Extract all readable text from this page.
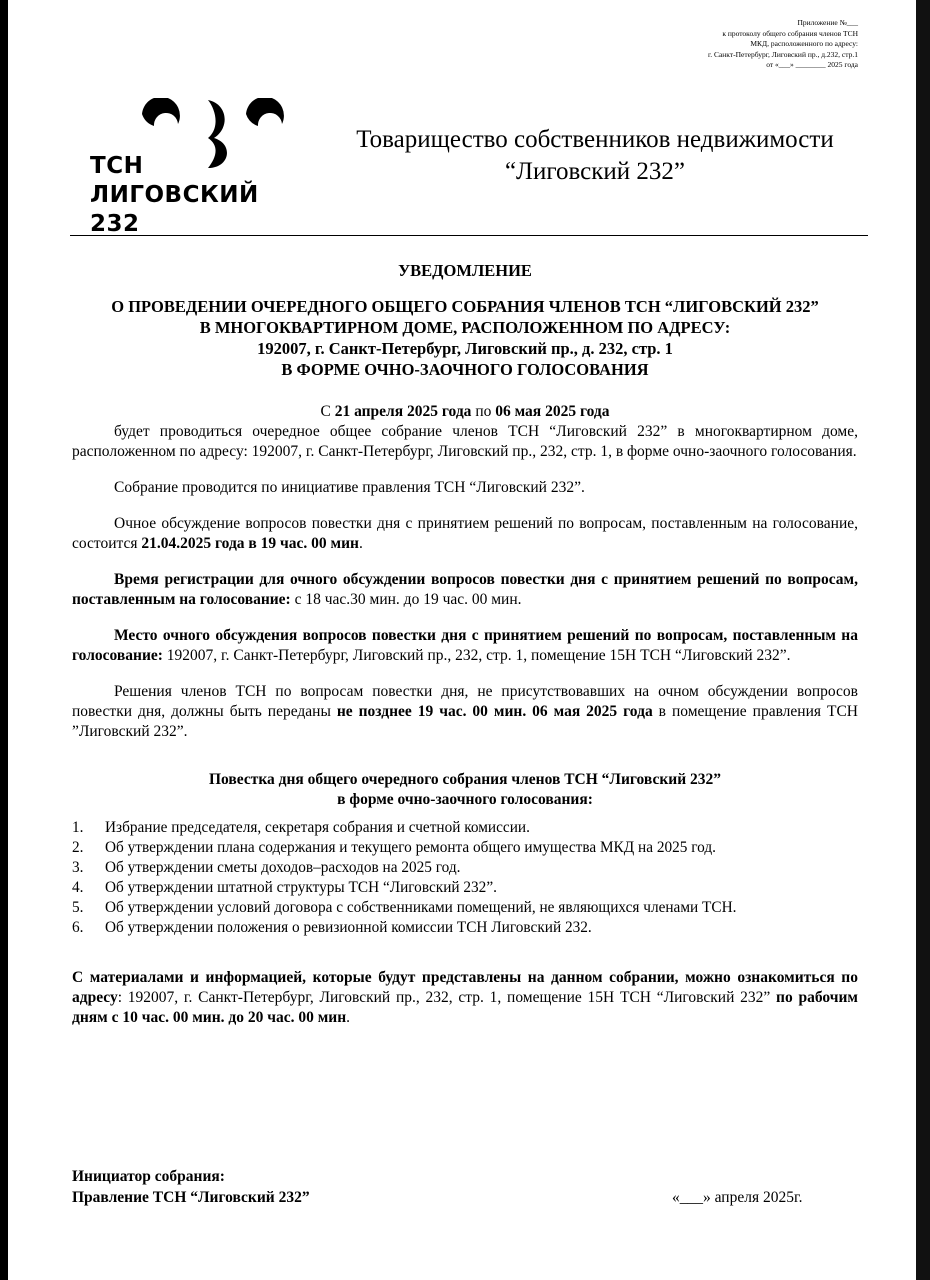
Приложение №___
к протоколу общего собрания членов ТСН
МКД, расположенного по адресу:
г. Санкт-Петербург, Лиговский пр., д.232, стр.1
от «___» ________ 2025 года
ТСН
ЛИГОВСКИЙ
232
Товарищество собственников недвижимости
“Лиговский 232”
УВЕДОМЛЕНИЕ
О ПРОВЕДЕНИИ ОЧЕРЕДНОГО ОБЩЕГО СОБРАНИЯ ЧЛЕНОВ ТСН “ЛИГОВСКИЙ 232”
В МНОГОКВАРТИРНОМ ДОМЕ, РАСПОЛОЖЕННОМ ПО АДРЕСУ:
192007, г. Санкт-Петербург, Лиговский пр., д. 232, стр. 1
В ФОРМЕ ОЧНО-ЗАОЧНОГО ГОЛОСОВАНИЯ
С 21 апреля 2025 года по 06 мая 2025 года

будет проводиться очередное общее собрание членов ТСН “Лиговский 232” в многоквартирном доме, расположенном по адресу: 192007, г. Санкт-Петербург, Лиговский пр., 232, стр. 1, в форме очно-заочного голосования.

Собрание проводится по инициативе правления ТСН “Лиговский 232”.

Очное обсуждение вопросов повестки дня с принятием решений по вопросам, поставленным на голосование, состоится 21.04.2025 года в 19 час. 00 мин.

Время регистрации для очного обсуждении вопросов повестки дня с принятием решений по вопросам, поставленным на голосование: с 18 час.30 мин. до 19 час. 00 мин.

Место очного обсуждения вопросов повестки дня с принятием решений по вопросам, поставленным на голосование: 192007, г. Санкт-Петербург, Лиговский пр., 232, стр. 1, помещение 15Н ТСН “Лиговский 232”.

Решения членов ТСН по вопросам повестки дня, не присутствовавших на очном обсуждении вопросов повестки дня, должны быть переданы не позднее 19 час. 00 мин. 06 мая 2025 года в помещение правления ТСН ”Лиговский 232”.

Повестка дня общего очередного собрания членов ТСН “Лиговский 232”
в форме очно-заочного голосования:
1. Избрание председателя, секретаря собрания и счетной комиссии.
2. Об утверждении плана содержания и текущего ремонта общего имущества МКД на 2025 год.
3. Об утверждении сметы доходов–расходов на 2025 год.
4. Об утверждении штатной структуры ТСН “Лиговский 232”.
5. Об утверждении условий договора с собственниками помещений, не являющихся членами ТСН.
6. Об утверждении положения о ревизионной комиссии ТСН Лиговский 232.

С материалами и информацией, которые будут представлены на данном собрании, можно ознакомиться по адресу: 192007, г. Санкт-Петербург, Лиговский пр., 232, стр. 1, помещение 15Н ТСН “Лиговский 232” по рабочим дням с 10 час. 00 мин. до 20 час. 00 мин.

Инициатор собрания:
Правление ТСН “Лиговский 232”	«___» апреля 2025г.
